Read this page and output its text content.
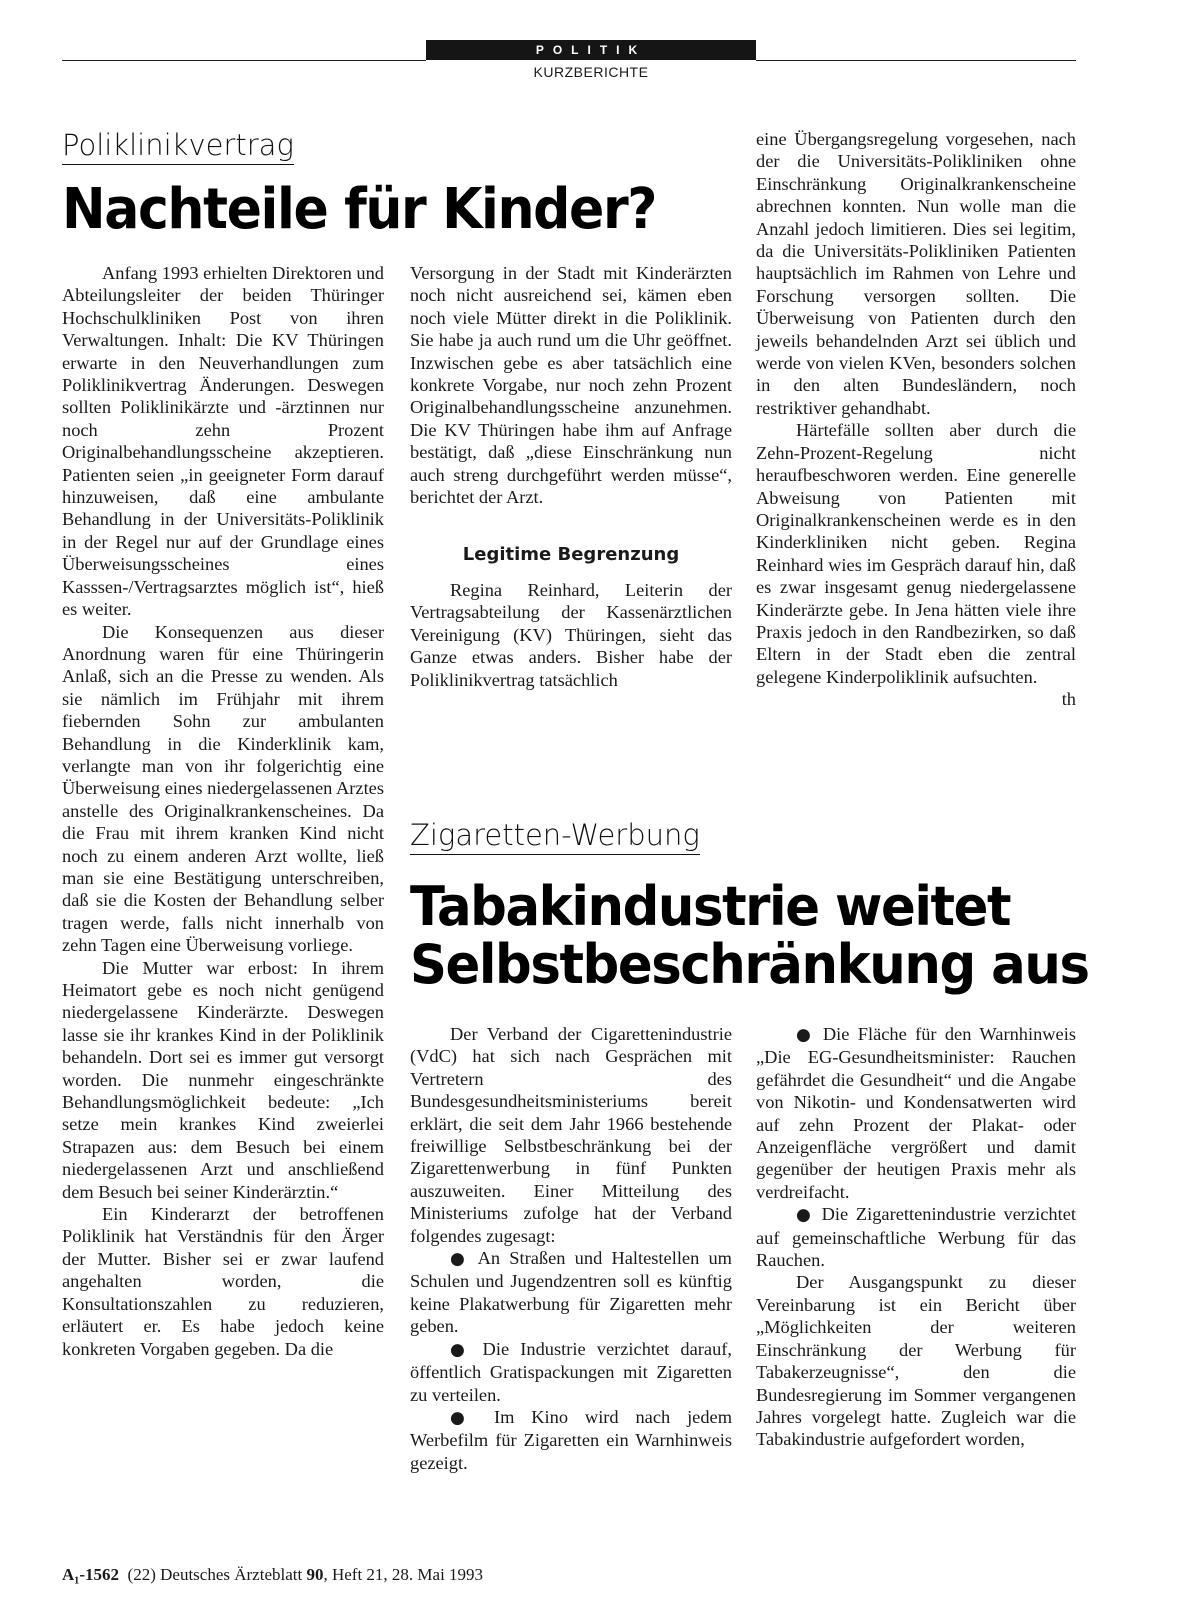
POLITIK
KURZBERICHTE
Poliklinikvertrag
Nachteile für Kinder?

Anfang 1993 erhielten Direktoren und Abteilungsleiter der beiden Thüringer Hochschulkliniken Post von ihren Verwaltungen. Inhalt: Die KV Thüringen erwarte in den Neuverhandlungen zum Poliklinikvertrag Änderungen. Deswegen sollten Poliklinikärzte und -ärztinnen nur noch zehn Prozent Originalbehandlungsscheine akzeptieren. Patienten seien „in geeigneter Form darauf hinzuweisen, daß eine ambulante Behandlung in der Universitäts-Poliklinik in der Regel nur auf der Grundlage eines Überweisungsscheines eines Kasssen-/Vertragsarztes möglich ist“, hieß es weiter.

Die Konsequenzen aus dieser Anordnung waren für eine Thüringerin Anlaß, sich an die Presse zu wenden. Als sie nämlich im Frühjahr mit ihrem fiebernden Sohn zur ambulanten Behandlung in die Kinderklinik kam, verlangte man von ihr folgerichtig eine Überweisung eines niedergelassenen Arztes anstelle des Originalkrankenscheines. Da die Frau mit ihrem kranken Kind nicht noch zu einem anderen Arzt wollte, ließ man sie eine Bestätigung unterschreiben, daß sie die Kosten der Behandlung selber tragen werde, falls nicht innerhalb von zehn Tagen eine Überweisung vorliege.

Die Mutter war erbost: In ihrem Heimatort gebe es noch nicht genügend niedergelassene Kinderärzte. Deswegen lasse sie ihr krankes Kind in der Poliklinik behandeln. Dort sei es immer gut versorgt worden. Die nunmehr eingeschränkte Behandlungsmöglichkeit bedeute: „Ich setze mein krankes Kind zweierlei Strapazen aus: dem Besuch bei einem niedergelassenen Arzt und anschließend dem Besuch bei seiner Kinderärztin.“

Ein Kinderarzt der betroffenen Poliklinik hat Verständnis für den Ärger der Mutter. Bisher sei er zwar laufend angehalten worden, die Konsultationszahlen zu reduzieren, erläutert er. Es habe jedoch keine konkreten Vorgaben gegeben. Da die

Versorgung in der Stadt mit Kinderärzten noch nicht ausreichend sei, kämen eben noch viele Mütter direkt in die Poliklinik. Sie habe ja auch rund um die Uhr geöffnet. Inzwischen gebe es aber tatsächlich eine konkrete Vorgabe, nur noch zehn Prozent Originalbehandlungsscheine anzunehmen. Die KV Thüringen habe ihm auf Anfrage bestätigt, daß „diese Einschränkung nun auch streng durchgeführt werden müsse“, berichtet der Arzt.

Legitime Begrenzung

Regina Reinhard, Leiterin der Vertragsabteilung der Kassenärztlichen Vereinigung (KV) Thüringen, sieht das Ganze etwas anders. Bisher habe der Poliklinikvertrag tatsächlich

eine Übergangsregelung vorgesehen, nach der die Universitäts-Polikliniken ohne Einschränkung Originalkrankenscheine abrechnen konnten. Nun wolle man die Anzahl jedoch limitieren. Dies sei legitim, da die Universitäts-Polikliniken Patienten hauptsächlich im Rahmen von Lehre und Forschung versorgen sollten. Die Überweisung von Patienten durch den jeweils behandelnden Arzt sei üblich und werde von vielen KVen, besonders solchen in den alten Bundesländern, noch restriktiver gehandhabt.

Härtefälle sollten aber durch die Zehn-Prozent-Regelung nicht heraufbeschworen werden. Eine generelle Abweisung von Patienten mit Originalkrankenscheinen werde es in den Kinderkliniken nicht geben. Regina Reinhard wies im Gespräch darauf hin, daß es zwar insgesamt genug niedergelassene Kinderärzte gebe. In Jena hätten viele ihre Praxis jedoch in den Randbezirken, so daß Eltern in der Stadt eben die zentral gelegene Kinderpoliklinik aufsuchten.
th

Zigaretten-Werbung
Tabakindustrie weitet
Selbstbeschränkung aus

Der Verband der Cigarettenindustrie (VdC) hat sich nach Gesprächen mit Vertretern des Bundesgesundheitsministeriums bereit erklärt, die seit dem Jahr 1966 bestehende freiwillige Selbstbeschränkung bei der Zigarettenwerbung in fünf Punkten auszuweiten. Einer Mitteilung des Ministeriums zufolge hat der Verband folgendes zugesagt:

● An Straßen und Haltestellen um Schulen und Jugendzentren soll es künftig keine Plakatwerbung für Zigaretten mehr geben.

● Die Industrie verzichtet darauf, öffentlich Gratispackungen mit Zigaretten zu verteilen.

● Im Kino wird nach jedem Werbefilm für Zigaretten ein Warnhinweis gezeigt.

● Die Fläche für den Warnhinweis „Die EG-Gesundheitsminister: Rauchen gefährdet die Gesundheit“ und die Angabe von Nikotin- und Kondensatwerten wird auf zehn Prozent der Plakat- oder Anzeigenfläche vergrößert und damit gegenüber der heutigen Praxis mehr als verdreifacht.

● Die Zigarettenindustrie verzichtet auf gemeinschaftliche Werbung für das Rauchen.

Der Ausgangspunkt zu dieser Vereinbarung ist ein Bericht über „Möglichkeiten der weiteren Einschränkung der Werbung für Tabakerzeugnisse“, den die Bundesregierung im Sommer vergangenen Jahres vorgelegt hatte. Zugleich war die Tabakindustrie aufgefordert worden,

A₁-1562 (22) Deutsches Ärzteblatt 90, Heft 21, 28. Mai 1993
